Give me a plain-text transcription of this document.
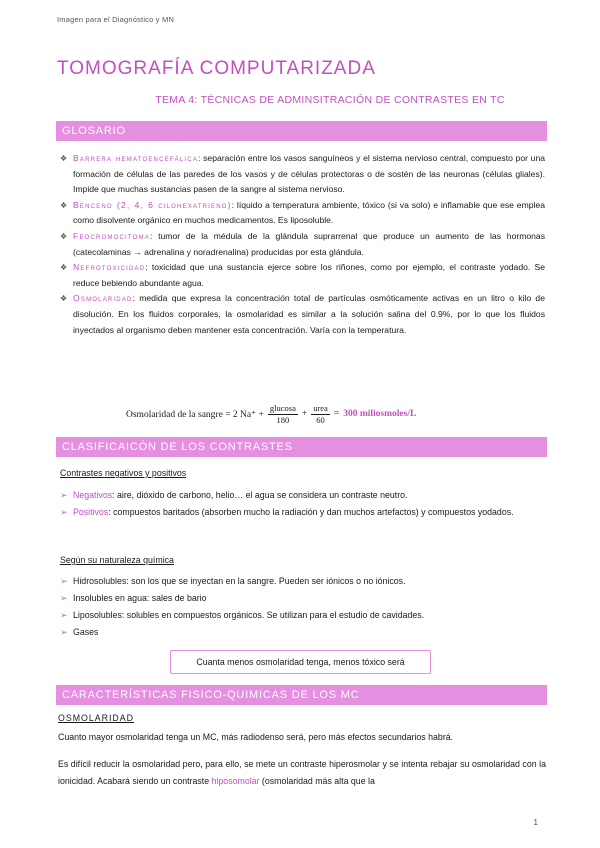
Imagen para el Diagnóstico y MN
TOMOGRAFÍA COMPUTARIZADA
TEMA 4: TÉCNICAS DE ADMINSITRACIÓN DE CONTRASTES EN TC
GLOSARIO
❖ Barrera hematoencefálica: separación entre los vasos sanguíneos y el sistema nervioso central, compuesto por una formación de células de las paredes de los vasos y de células protectoras o de sostén de las neuronas (células gliales). Impide que muchas sustancias pasen de la sangre al sistema nervioso.
❖ Benceno (2, 4, 6 cilohexatrieno): líquido a temperatura ambiente, tóxico (si va solo) e inflamable que ese emplea como disolvente orgánico en muchos medicamentos. Es liposoluble.
❖ Feocromocitoma: tumor de la médula de la glándula suprarrenal que produce un aumento de las hormonas (catecolaminas → adrenalina y noradrenalina) producidas por esta glándula.
❖ Nefrotoxicidad: toxicidad que una sustancia ejerce sobre los riñones, como por ejemplo, el contraste yodado. Se reduce bebiendo abundante agua.
❖ Osmolaridad: medida que expresa la concentración total de partículas osmóticamente activas en un litro o kilo de disolución. En los fluidos corporales, la osmolaridad es similar a la solución salina del 0.9%, por lo que los fluidos inyectados al organismo deben mantener esta concentración. Varía con la temperatura.
Osmolaridad de la sangre = 2 $Na^+ + \frac{\text{glucosa}}{180} + \frac{\text{urea}}{60} = 300$ miliosmoles/L
CLASIFICAICÓN DE LOS CONTRASTES
Contrastes negativos y positivos
➢ Negativos: aire, dióxido de carbono, helio… el agua se considera un contraste neutro.
➢ Positivos: compuestos baritados (absorben mucho la radiación y dan muchos artefactos) y compuestos yodados.
Según su naturaleza química
➢ Hidrosolubles: son los que se inyectan en la sangre. Pueden ser iónicos o no iónicos.
➢ Insolubles en agua: sales de bario
➢ Liposolubles: solubles en compuestos orgánicos. Se utilizan para el estudio de cavidades.
➢ Gases
Cuanta menos osmolaridad tenga, menos tóxico será
CARACTERÍSTICAS FISICO-QUIMICAS DE LOS MC
OSMOLARIDAD
Cuanto mayor osmolaridad tenga un MC, más radiodenso será, pero más efectos secundarios habrá.
Es difícil reducir la osmolaridad pero, para ello, se mete un contraste hiperosmolar y se intenta rebajar su osmolaridad con la ionicidad. Acabará siendo un contraste hiposomolar (osmolaridad más alta que la
1
